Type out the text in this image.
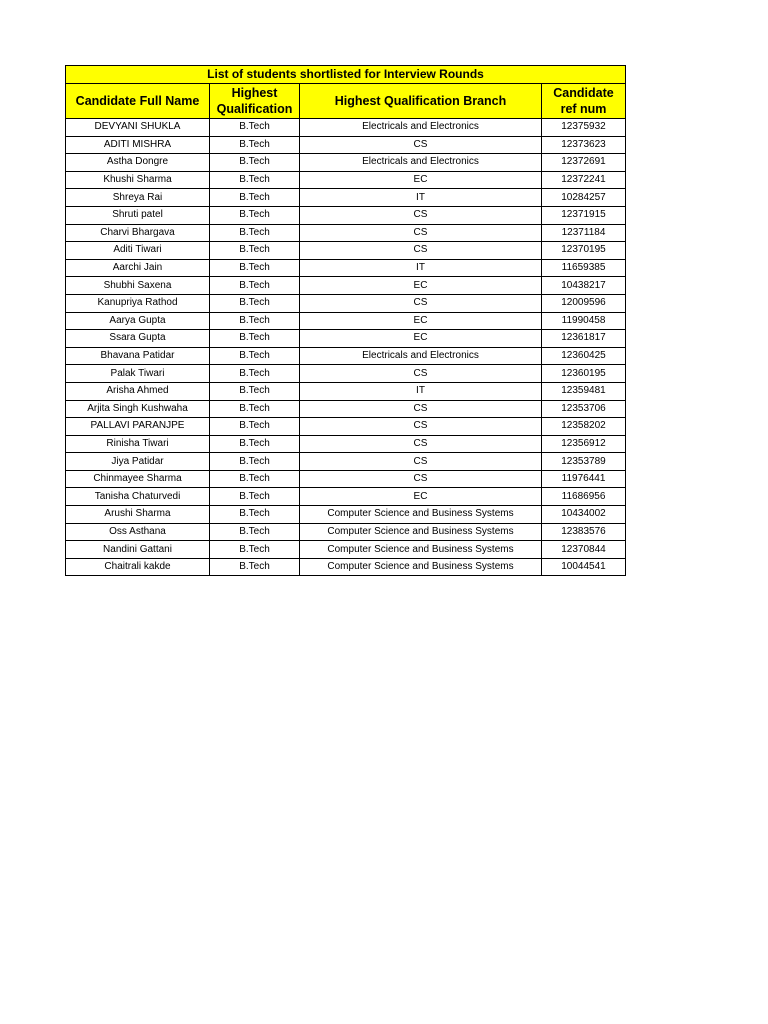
List of students shortlisted for Interview Rounds			
Candidate Full Name	Highest Qualification	Highest Qualification Branch	Candidate ref num
DEVYANI SHUKLA	B.Tech	Electricals and Electronics	12375932
ADITI MISHRA	B.Tech	CS	12373623
Astha Dongre	B.Tech	Electricals and Electronics	12372691
Khushi Sharma	B.Tech	EC	12372241
Shreya Rai	B.Tech	IT	10284257
Shruti patel	B.Tech	CS	12371915
Charvi Bhargava	B.Tech	CS	12371184
Aditi Tiwari	B.Tech	CS	12370195
Aarchi Jain	B.Tech	IT	11659385
Shubhi Saxena	B.Tech	EC	10438217
Kanupriya Rathod	B.Tech	CS	12009596
Aarya Gupta	B.Tech	EC	11990458
Ssara Gupta	B.Tech	EC	12361817
Bhavana Patidar	B.Tech	Electricals and Electronics	12360425
Palak Tiwari	B.Tech	CS	12360195
Arisha Ahmed	B.Tech	IT	12359481
Arjita Singh Kushwaha	B.Tech	CS	12353706
PALLAVI PARANJPE	B.Tech	CS	12358202
Rinisha Tiwari	B.Tech	CS	12356912
Jiya Patidar	B.Tech	CS	12353789
Chinmayee Sharma	B.Tech	CS	11976441
Tanisha Chaturvedi	B.Tech	EC	11686956
Arushi Sharma	B.Tech	Computer Science and Business Systems	10434002
Oss Asthana	B.Tech	Computer Science and Business Systems	12383576
Nandini Gattani	B.Tech	Computer Science and Business Systems	12370844
Chaitrali kakde	B.Tech	Computer Science and Business Systems	10044541
